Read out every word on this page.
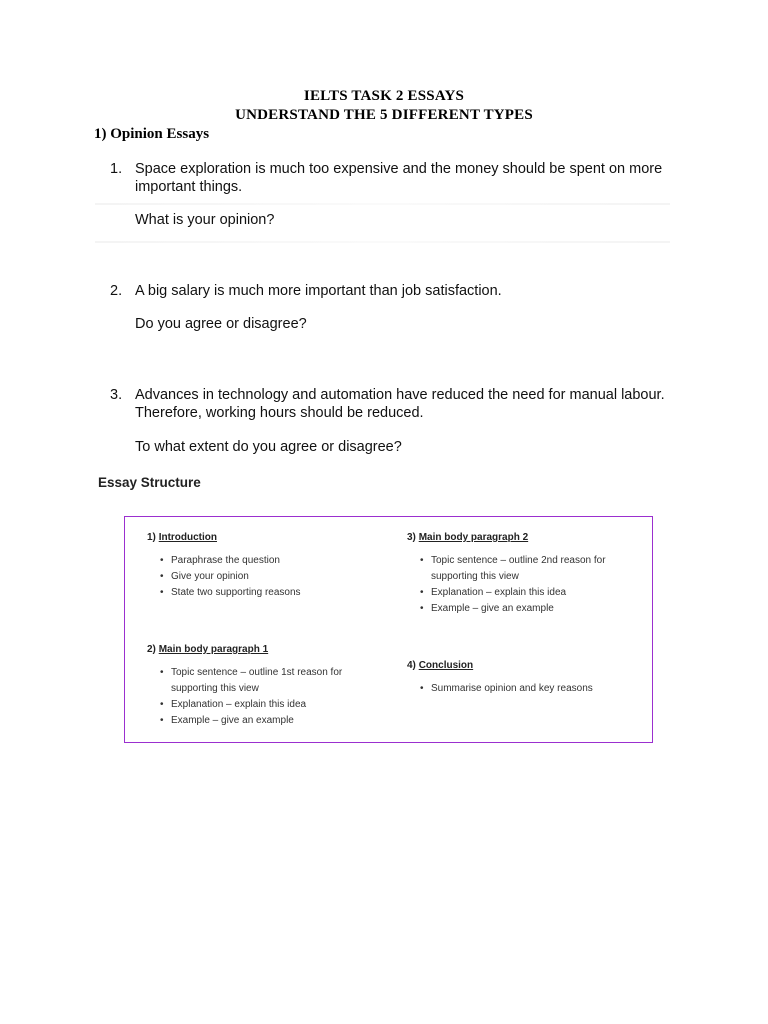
IELTS TASK 2 ESSAYS
UNDERSTAND THE 5 DIFFERENT TYPES
1) Opinion Essays
1. Space exploration is much too expensive and the money should be spent on more important things.
What is your opinion?
2. A big salary is much more important than job satisfaction.
Do you agree or disagree?
3. Advances in technology and automation have reduced the need for manual labour. Therefore, working hours should be reduced.
To what extent do you agree or disagree?
Essay Structure
1) Introduction
• Paraphrase the question
• Give your opinion
• State two supporting reasons
2) Main body paragraph 1
• Topic sentence – outline 1st reason for supporting this view
• Explanation – explain this idea
• Example – give an example
3) Main body paragraph 2
• Topic sentence – outline 2nd reason for supporting this view
• Explanation – explain this idea
• Example – give an example
4) Conclusion
• Summarise opinion and key reasons
